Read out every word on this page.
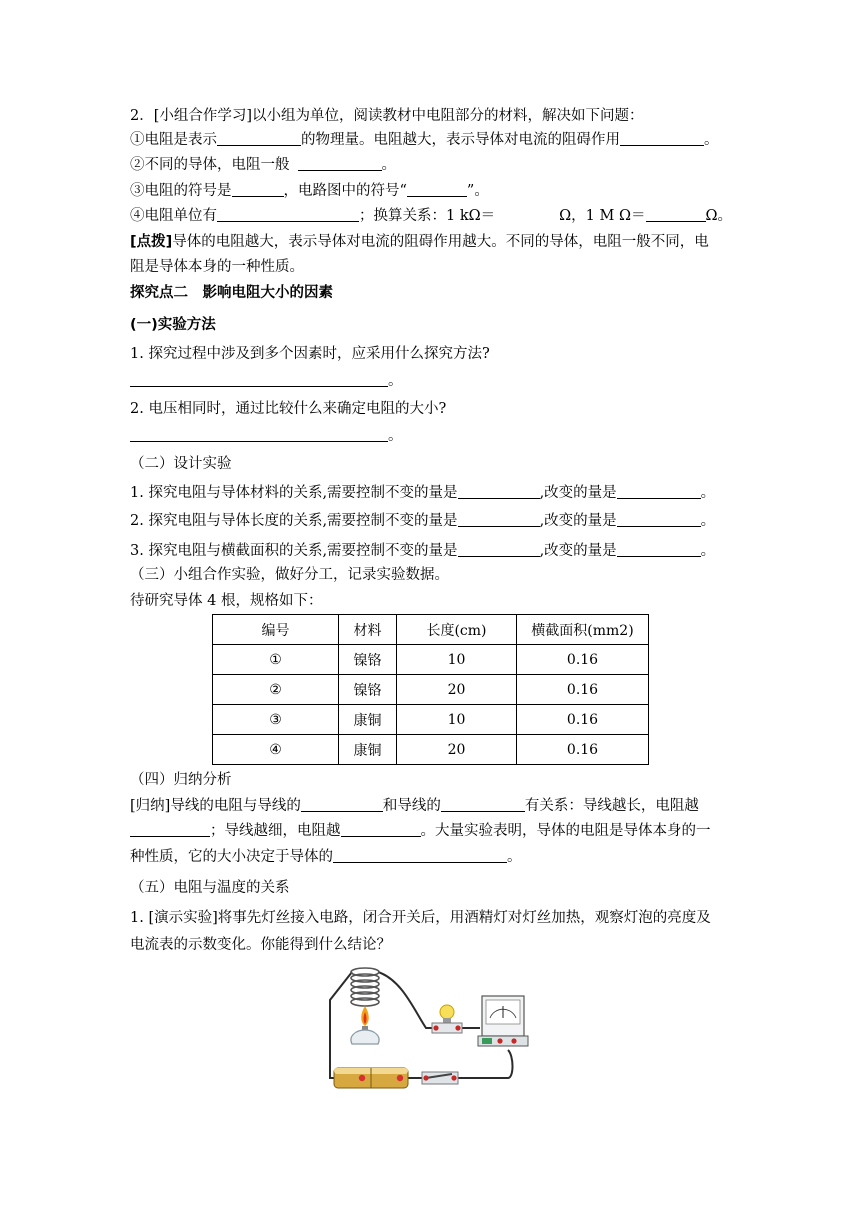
2．[小组合作学习]以小组为单位，阅读教材中电阻部分的材料，解决如下问题：
①电阻是表示	的物理量。电阻越大，表示导体对电流的阻碍作用	。
②不同的导体，电阻一般	。
③电阻的符号是	，电路图中的符号“	”。
④电阻单位有	；换算关系：1 kΩ＝	Ω，1 M Ω＝	Ω。
[点拨]导体的电阻越大，表示导体对电流的阻碍作用越大。不同的导体，电阻一般不同，电
阻是导体本身的一种性质。
探究点二　影响电阻大小的因素
(一)实验方法
1. 探究过程中涉及到多个因素时，应采用什么探究方法?
。
2. 电压相同时，通过比较什么来确定电阻的大小?
。
（二）设计实验
1. 探究电阻与导体材料的关系,需要控制不变的量是	,改变的量是	。
2. 探究电阻与导体长度的关系,需要控制不变的量是	,改变的量是	。
3. 探究电阻与横截面积的关系,需要控制不变的量是	,改变的量是	。
（三）小组合作实验，做好分工，记录实验数据。
待研究导体 4 根，规格如下：
编号	材料	长度(cm)	横截面积(mm2)
①	镍铬	10	0.16
②	镍铬	20	0.16
③	康铜	10	0.16
④	康铜	20	0.16
（四）归纳分析
[归纳]导线的电阻与导线的	和导线的	有关系：导线越长，电阻越
；导线越细，电阻越	。大量实验表明，导体的电阻是导体本身的一
种性质，它的大小决定于导体的	。
（五）电阻与温度的关系
1. [演示实验]将事先灯丝接入电路，闭合开关后，用酒精灯对灯丝加热，观察灯泡的亮度及
电流表的示数变化。你能得到什么结论？
